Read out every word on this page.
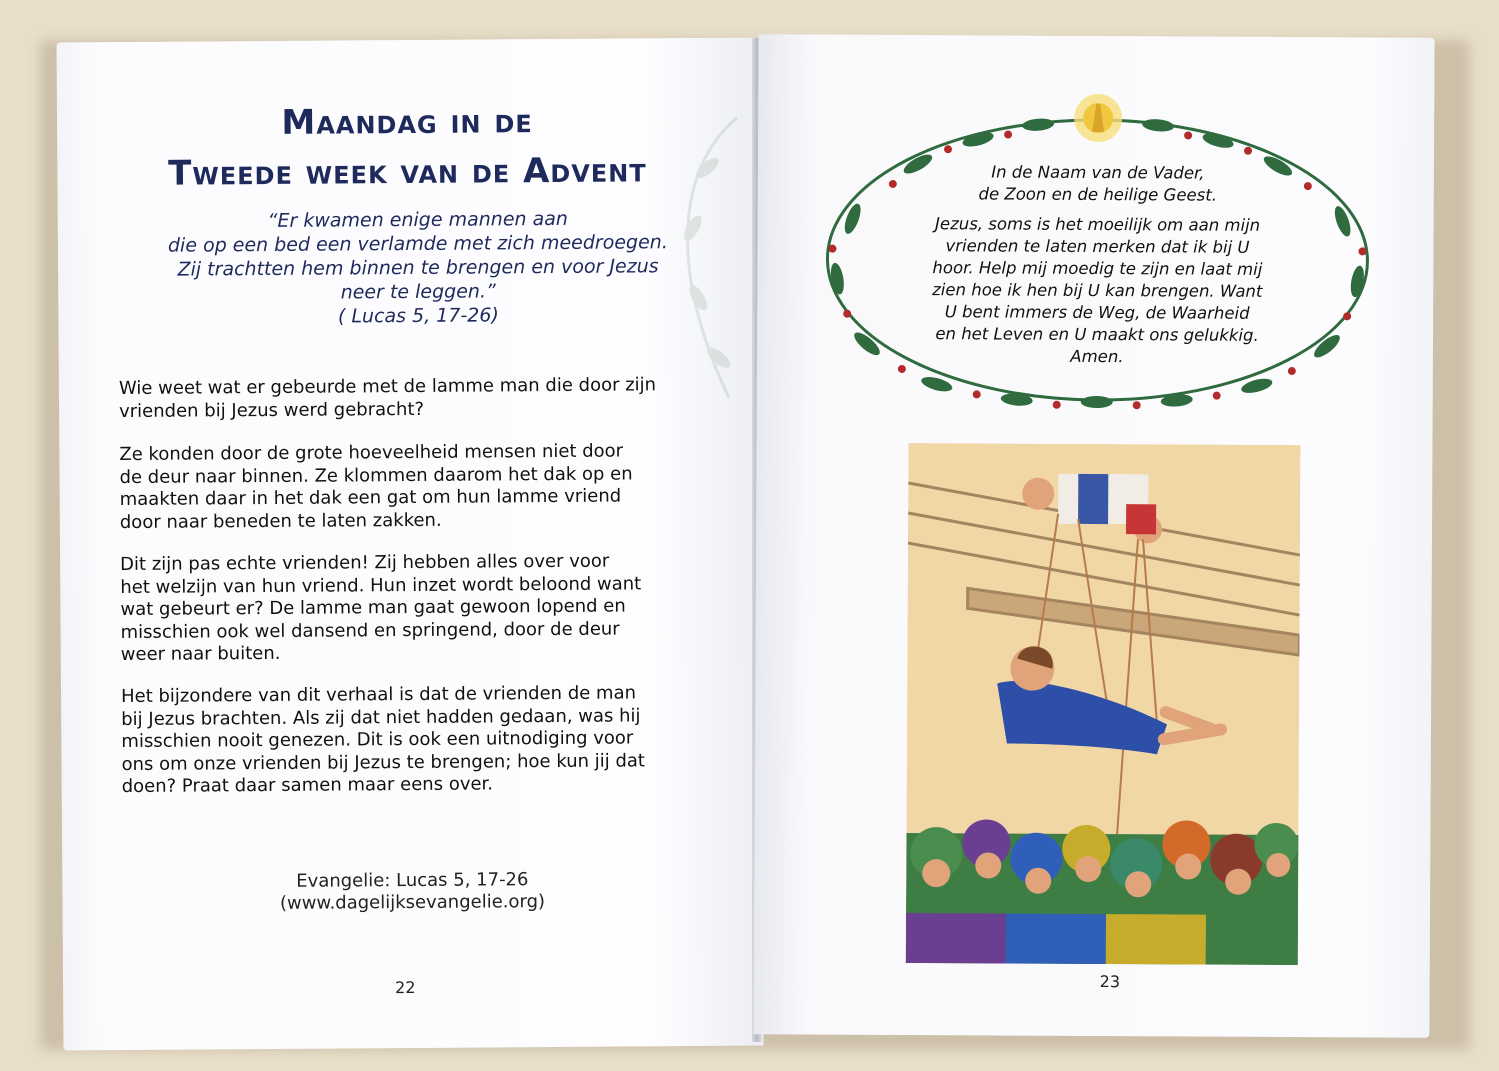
Maandag in de
Tweede week van de Advent
“Er kwamen enige mannen aan
die op een bed een verlamde met zich meedroegen.
Zij trachtten hem binnen te brengen en voor Jezus
neer te leggen.”
( Lucas 5, 17-26)
Wie weet wat er gebeurde met de lamme man die door zijn
vrienden bij Jezus werd gebracht?
Ze konden door de grote hoeveelheid mensen niet door
de deur naar binnen. Ze klommen daarom het dak op en
maakten daar in het dak een gat om hun lamme vriend
door naar beneden te laten zakken.
Dit zijn pas echte vrienden! Zij hebben alles over voor
het welzijn van hun vriend. Hun inzet wordt beloond want
wat gebeurt er? De lamme man gaat gewoon lopend en
misschien ook wel dansend en springend, door de deur
weer naar buiten.
Het bijzondere van dit verhaal is dat de vrienden de man
bij Jezus brachten. Als zij dat niet hadden gedaan, was hij
misschien nooit genezen. Dit is ook een uitnodiging voor
ons om onze vrienden bij Jezus te brengen; hoe kun jij dat
doen? Praat daar samen maar eens over.
Evangelie: Lucas 5, 17-26
(www.dagelijksevangelie.org)
22
In de Naam van de Vader,
de Zoon en de heilige Geest.
Jezus, soms is het moeilijk om aan mijn
vrienden te laten merken dat ik bij U
hoor. Help mij moedig te zijn en laat mij
zien hoe ik hen bij U kan brengen. Want
U bent immers de Weg, de Waarheid
en het Leven en U maakt ons gelukkig.
Amen.
23
